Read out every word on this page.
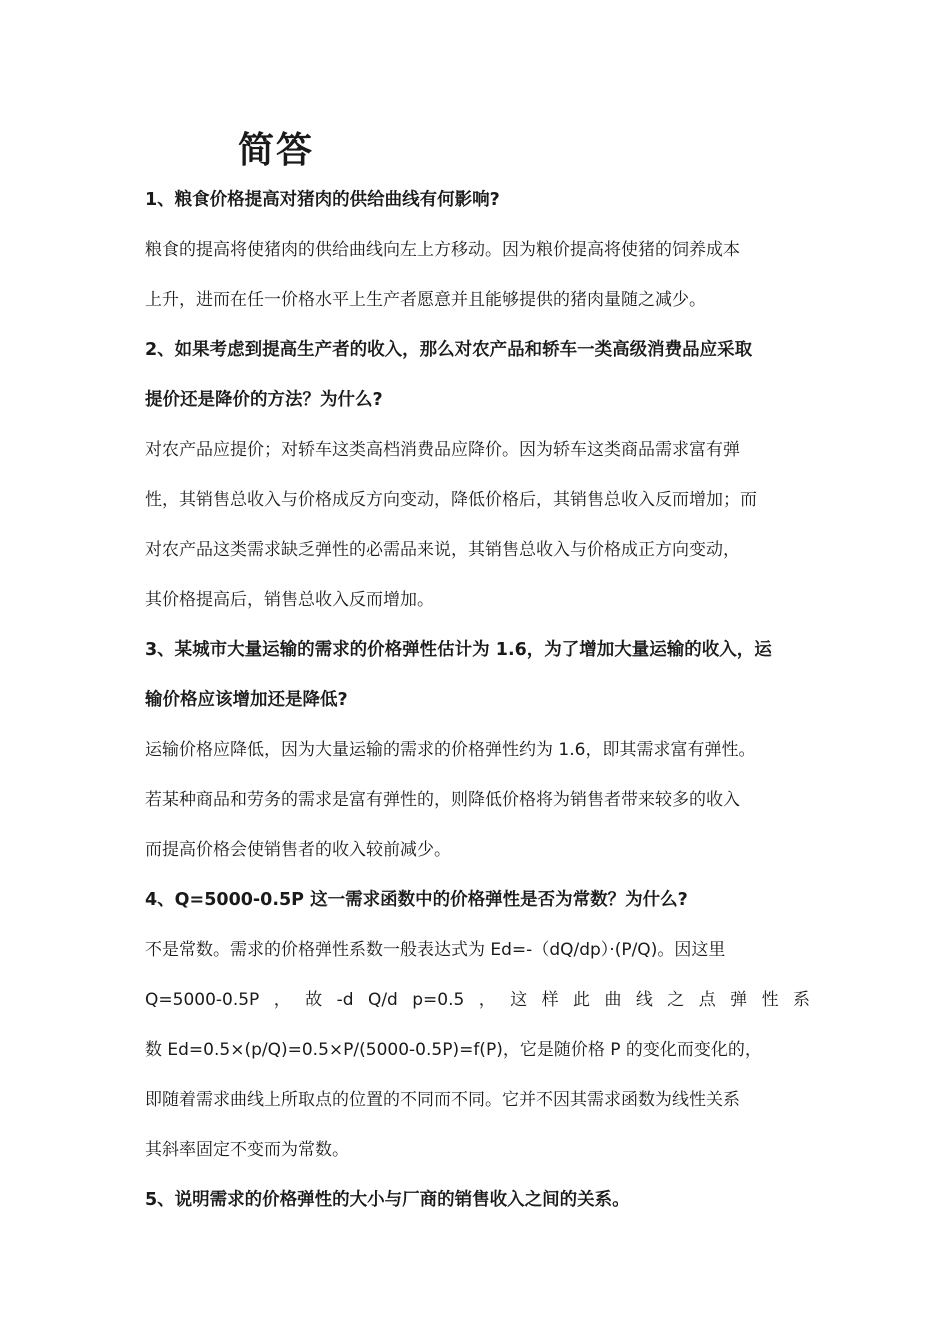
简答
1、粮食价格提高对猪肉的供给曲线有何影响?
粮食的提高将使猪肉的供给曲线向左上方移动。因为粮价提高将使猪的饲养成本
上升，进而在任一价格水平上生产者愿意并且能够提供的猪肉量随之减少。
2、如果考虑到提高生产者的收入，那么对农产品和轿车一类高级消费品应采取
提价还是降价的方法？为什么?
对农产品应提价；对轿车这类高档消费品应降价。因为轿车这类商品需求富有弹
性，其销售总收入与价格成反方向变动，降低价格后，其销售总收入反而增加；而
对农产品这类需求缺乏弹性的必需品来说，其销售总收入与价格成正方向变动，
其价格提高后，销售总收入反而增加。
3、某城市大量运输的需求的价格弹性估计为 1.6，为了增加大量运输的收入，运
输价格应该增加还是降低?
运输价格应降低，因为大量运输的需求的价格弹性约为 1.6，即其需求富有弹性。
若某种商品和劳务的需求是富有弹性的，则降低价格将为销售者带来较多的收入
而提高价格会使销售者的收入较前减少。
4、Q=5000-0.5P 这一需求函数中的价格弹性是否为常数？为什么?
不是常数。需求的价格弹性系数一般表达式为 Ed=-（dQ/dp）·(P/Q)。因这里
Q=5000-0.5P ， 故 -d Q/d p=0.5 ， 这 样 此 曲 线 之 点 弹 性 系
数 Ed=0.5×(p/Q)=0.5×P/(5000-0.5P)=f(P)，它是随价格 P 的变化而变化的，
即随着需求曲线上所取点的位置的不同而不同。它并不因其需求函数为线性关系
其斜率固定不变而为常数。
5、说明需求的价格弹性的大小与厂商的销售收入之间的关系。
